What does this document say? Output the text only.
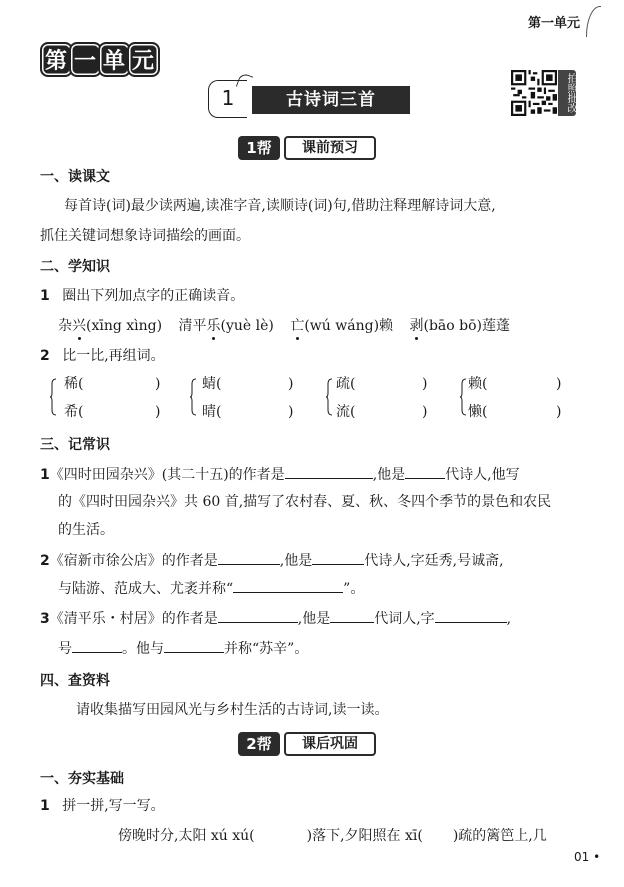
第一单元
第 一 单 元
1	古诗词三首	拍照批改
1帮	课前预习
一、读课文
每首诗(词)最少读两遍,读准字音,读顺诗(词)句,借助注释理解诗词大意,
抓住关键词想象诗词描绘的画面。
二、学知识
1 圈出下列加点字的正确读音。
杂兴(xīng xìng) 清平乐(yuè lè) 亡(wú wáng)赖 剥(bāo bō)莲蓬
2 比一比,再组词。
稀(	)
希(	)
蜻(	)
晴(	)
疏(	)
流(	)
赖(	)
懒(	)
三、记常识
1《四时田园杂兴》(其二十五)的作者是	,他是	代诗人,他写
的《四时田园杂兴》共 60 首,描写了农村春、夏、秋、冬四个季节的景色和农民
的生活。
2《宿新市徐公店》的作者是	,他是	代诗人,字廷秀,号诚斋,
与陆游、范成大、尤袤并称“	”。
3《清平乐・村居》的作者是	,他是	代词人,字	,
号	。他与	并称“苏辛”。
四、查资料
请收集描写田园风光与乡村生活的古诗词,读一读。
2帮	课后巩固
一、夯实基础
1 拼一拼,写一写。
傍晚时分,太阳 xú xú(	)落下,夕阳照在 xī( )疏的篱笆上,几
01 •
